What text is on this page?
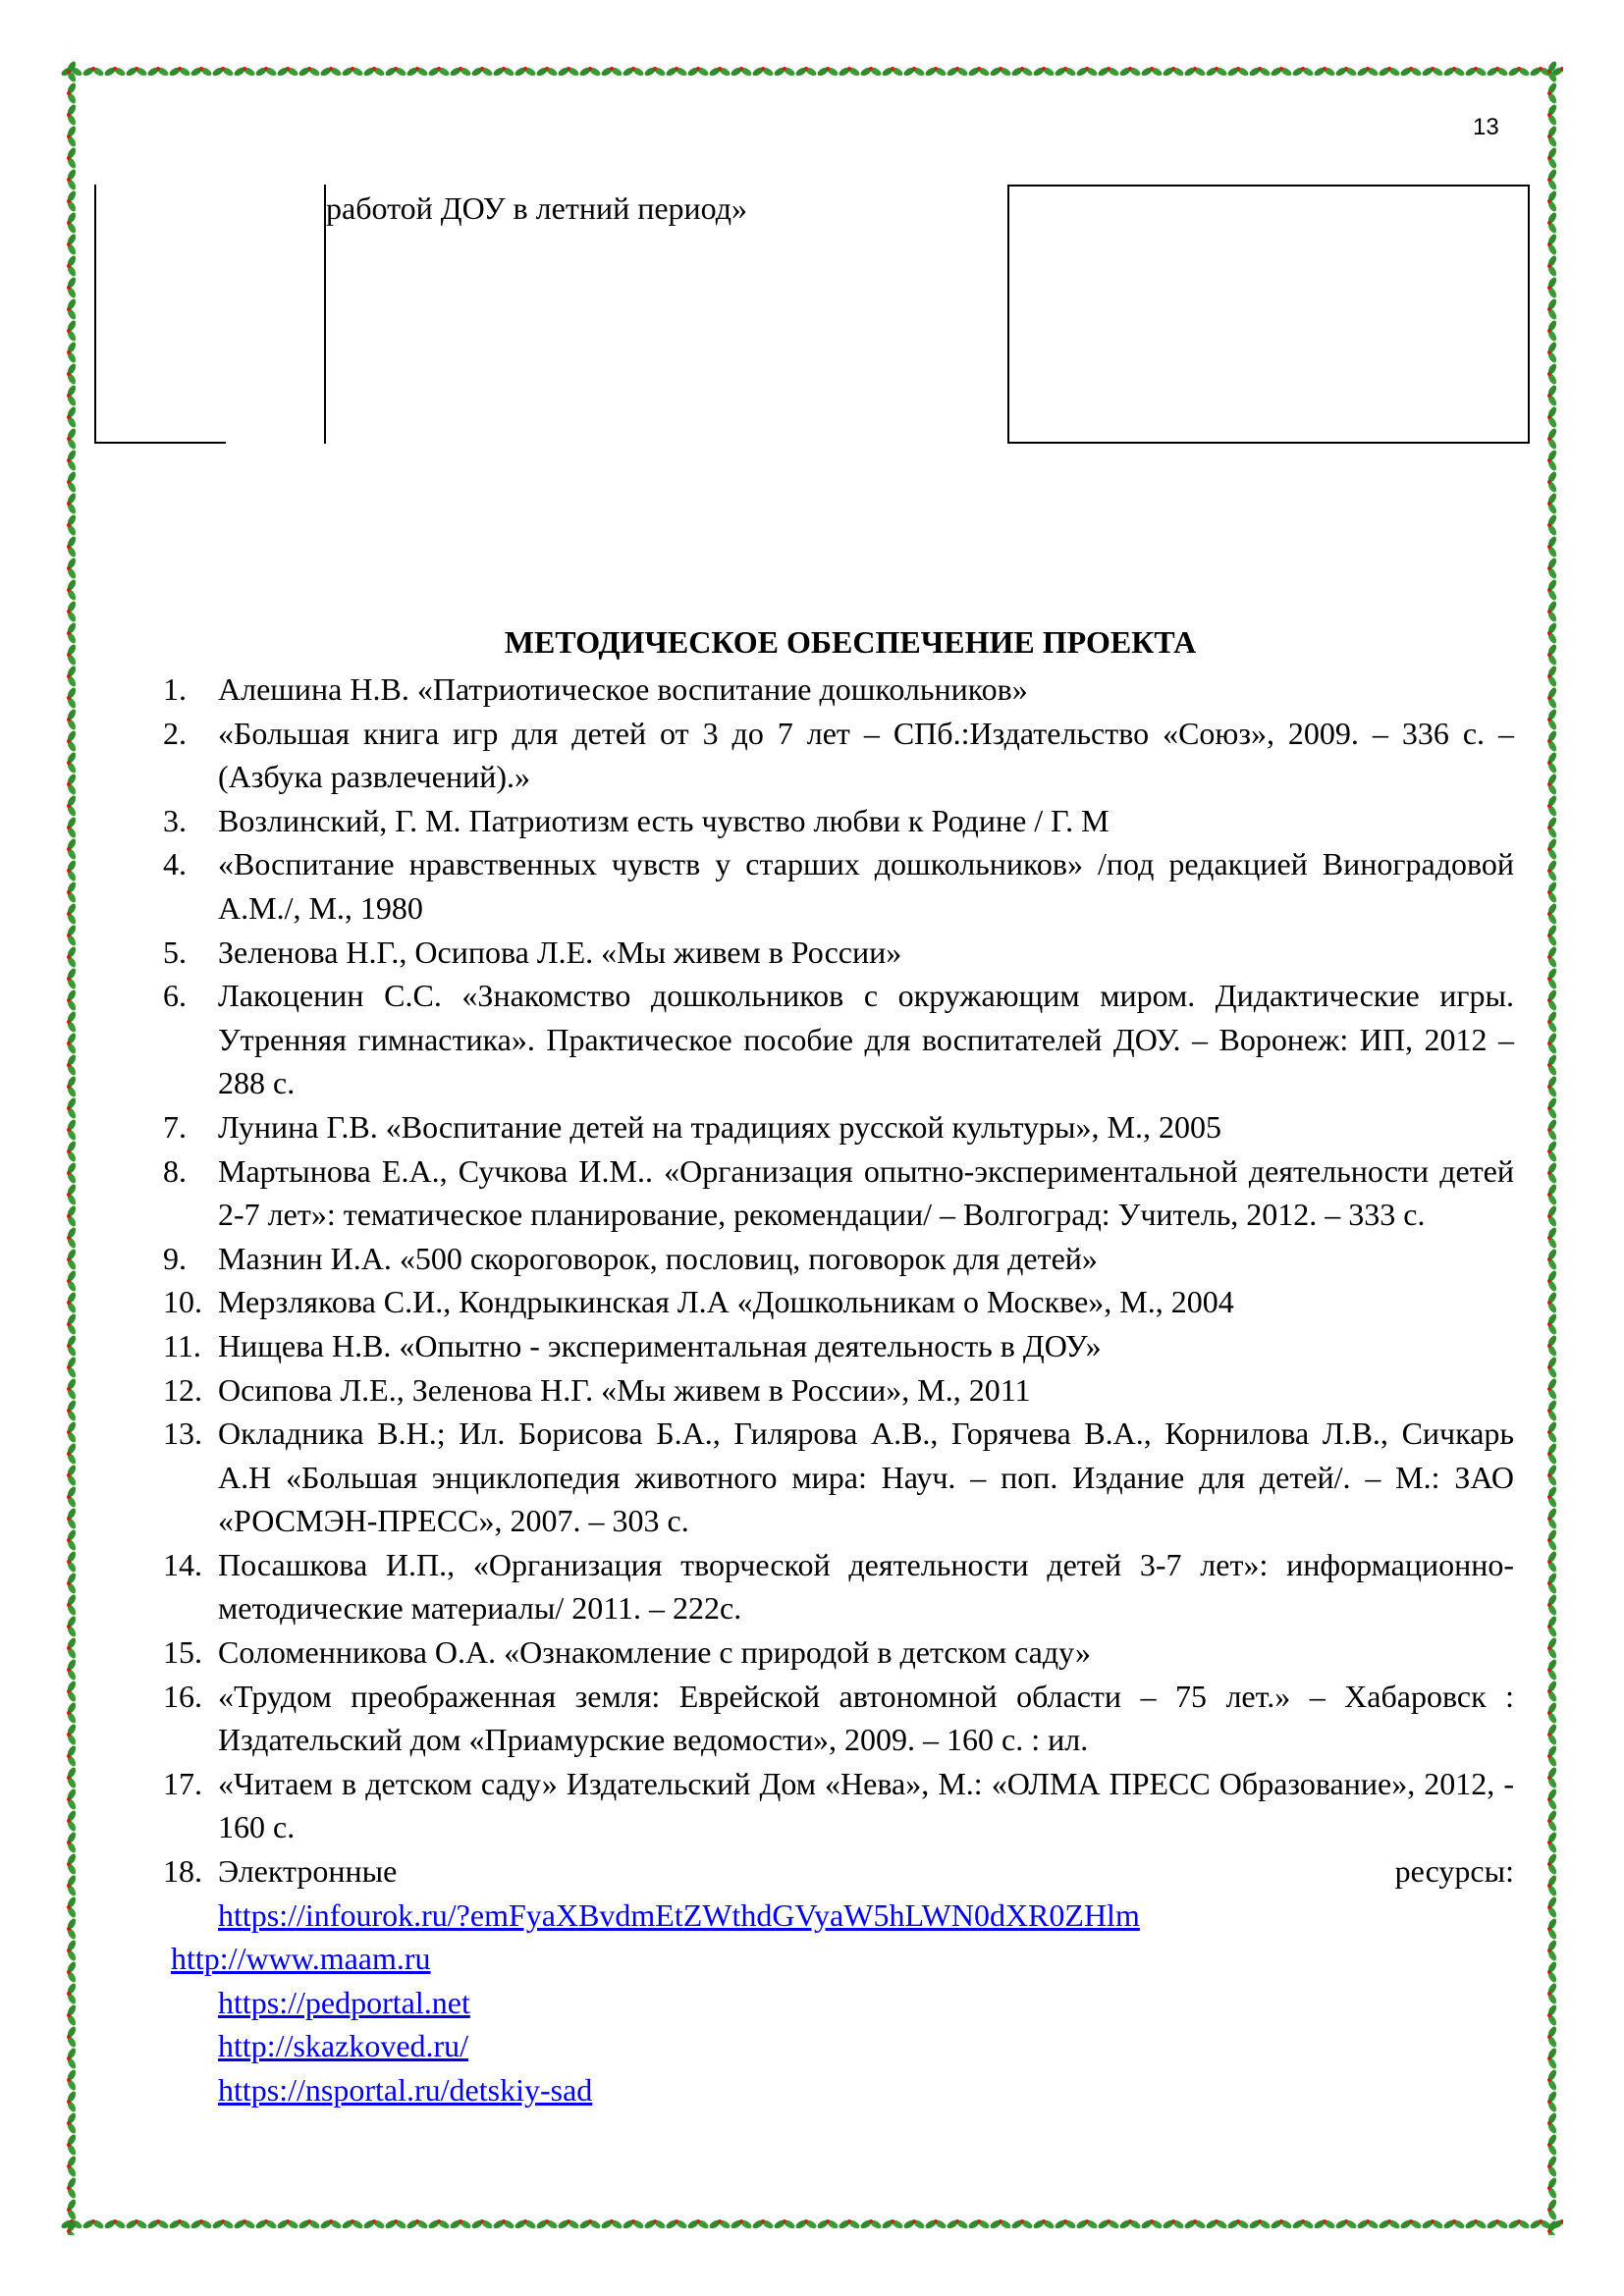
13
работой ДОУ в летний период»
МЕТОДИЧЕСКОЕ ОБЕСПЕЧЕНИЕ ПРОЕКТА
1. Алешина Н.В. «Патриотическое воспитание дошкольников»
2. «Большая книга игр для детей от 3 до 7 лет – СПб.:Издательство «Союз», 2009. – 336 с. – (Азбука развлечений).»
3. Возлинский, Г. М. Патриотизм есть чувство любви к Родине / Г. М
4. «Воспитание нравственных чувств у старших дошкольников» /под редакцией Виноградовой А.М./, М., 1980
5. Зеленова Н.Г., Осипова Л.Е. «Мы живем в России»
6. Лакоценин С.С. «Знакомство дошкольников с окружающим миром. Дидактические игры. Утренняя гимнастика». Практическое пособие для воспитателей ДОУ. – Воронеж: ИП, 2012 – 288 с.
7. Лунина Г.В. «Воспитание детей на традициях русской культуры», М., 2005
8. Мартынова Е.А., Сучкова И.М.. «Организация опытно-экспериментальной деятельности детей 2-7 лет»: тематическое планирование, рекомендации/ – Волгоград: Учитель, 2012. – 333 с.
9. Мазнин И.А. «500 скороговорок, пословиц, поговорок для детей»
10. Мерзлякова С.И., Кондрыкинская Л.А «Дошкольникам о Москве», М., 2004
11. Нищева Н.В. «Опытно - экспериментальная деятельность в ДОУ»
12. Осипова Л.Е., Зеленова Н.Г. «Мы живем в России», М., 2011
13. Окладника В.Н.; Ил. Борисова Б.А., Гилярова А.В., Горячева В.А., Корнилова Л.В., Сичкарь А.Н «Большая энциклопедия животного мира: Науч. – поп. Издание для детей/. – М.: ЗАО «РОСМЭН-ПРЕСС», 2007. – 303 с.
14. Посашкова И.П., «Организация творческой деятельности детей 3-7 лет»: информационно-методические материалы/ 2011. – 222с.
15. Соломенникова О.А. «Ознакомление с природой в детском саду»
16. «Трудом преображенная земля: Еврейской автономной области – 75 лет.» – Хабаровск : Издательский дом «Приамурские ведомости», 2009. – 160 с. : ил.
17. «Читаем в детском саду» Издательский Дом «Нева», М.: «ОЛМА ПРЕСС Образование», 2012, - 160 с.
18. Электронные	ресурсы:
https://infourok.ru/?emFyaXBvdmEtZWthdGVyaW5hLWN0dXR0ZHlm
http://www.maam.ru
https://pedportal.net
http://skazkoved.ru/
https://nsportal.ru/detskiy-sad
